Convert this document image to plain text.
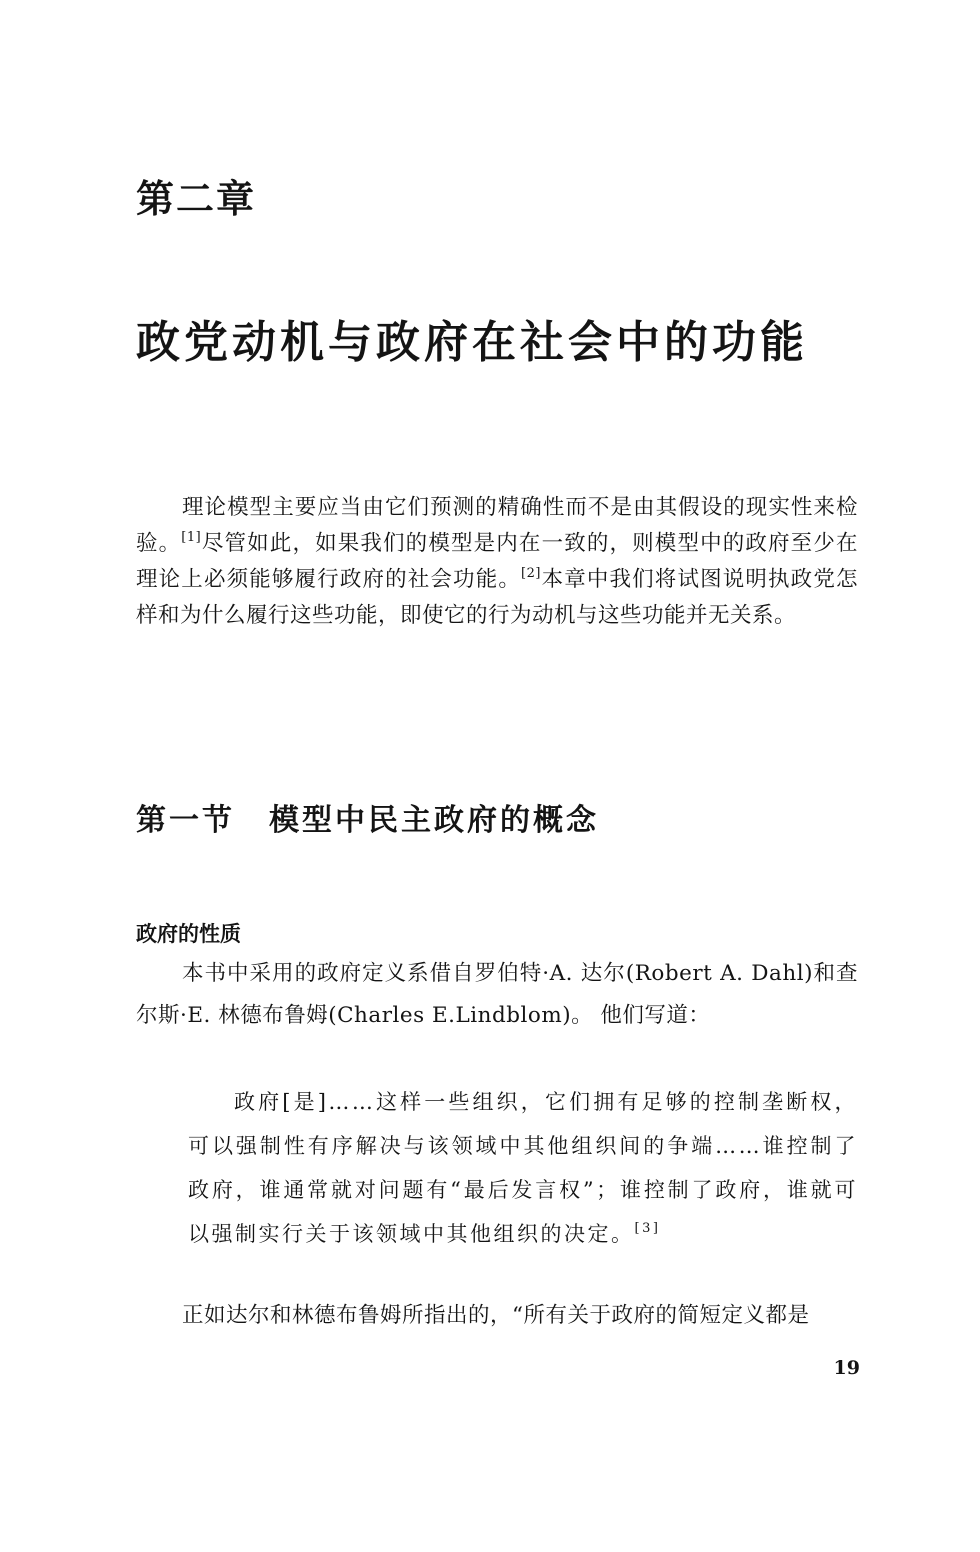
第二章
政党动机与政府在社会中的功能

理论模型主要应当由它们预测的精确性而不是由其假设的现实性来检验。[1]尽管如此，如果我们的模型是内在一致的，则模型中的政府至少在理论上必须能够履行政府的社会功能。[2]本章中我们将试图说明执政党怎样和为什么履行这些功能，即使它的行为动机与这些功能并无关系。

第一节 模型中民主政府的概念
政府的性质

本书中采用的政府定义系借自罗伯特·A. 达尔(Robert A. Dahl)和查尔斯·E. 林德布鲁姆(Charles E.Lindblom)。 他们写道：

政府[是]……这样一些组织，它们拥有足够的控制垄断权，可以强制性有序解决与该领域中其他组织间的争端……谁控制了政府，谁通常就对问题有“最后发言权”；谁控制了政府，谁就可以强制实行关于该领域中其他组织的决定。[3]

正如达尔和林德布鲁姆所指出的，“所有关于政府的简短定义都是

19
